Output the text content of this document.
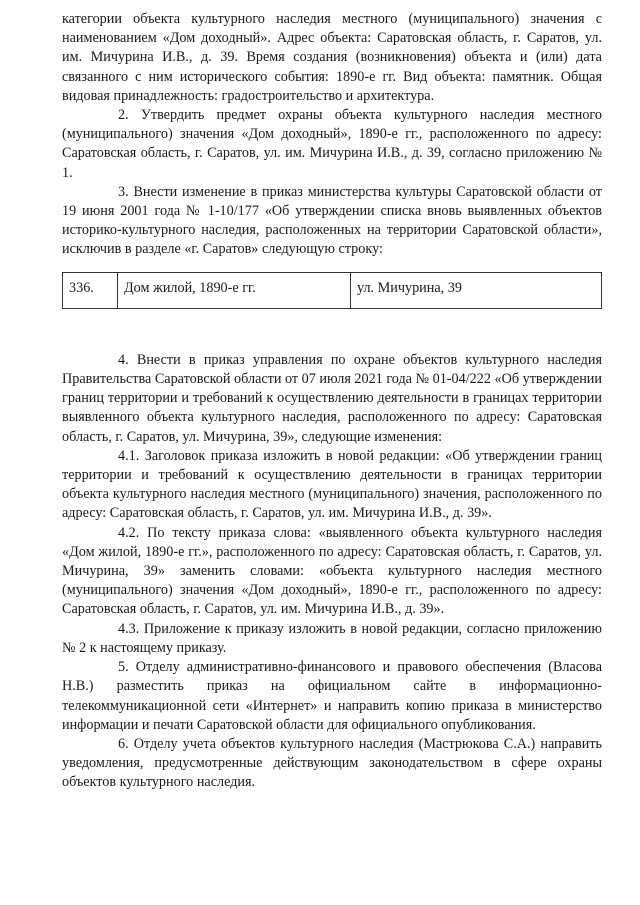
категории объекта культурного наследия местного (муниципального) значения с наименованием «Дом доходный». Адрес объекта: Саратовская область, г. Саратов, ул. им. Мичурина И.В., д. 39. Время создания (возникновения) объекта и (или) дата связанного с ним исторического события: 1890-е гг. Вид объекта: памятник. Общая видовая принадлежность: градостроительство и архитектура.

2. Утвердить предмет охраны объекта культурного наследия местного (муниципального) значения «Дом доходный», 1890-е гг., расположенного по адресу: Саратовская область, г. Саратов, ул. им. Мичурина И.В., д. 39, согласно приложению № 1.

3. Внести изменение в приказ министерства культуры Саратовской области от 19 июня 2001 года № 1-10/177 «Об утверждении списка вновь выявленных объектов историко-культурного наследия, расположенных на территории Саратовской области», исключив в разделе «г. Саратов» следующую строку:

336.	Дом жилой, 1890-е гг.	ул. Мичурина, 39

4. Внести в приказ управления по охране объектов культурного наследия Правительства Саратовской области от 07 июля 2021 года № 01-04/222 «Об утверждении границ территории и требований к осуществлению деятельности в границах территории выявленного объекта культурного наследия, расположенного по адресу: Саратовская область, г. Саратов, ул. Мичурина, 39», следующие изменения:

4.1. Заголовок приказа изложить в новой редакции: «Об утверждении границ территории и требований к осуществлению деятельности в границах территории объекта культурного наследия местного (муниципального) значения, расположенного по адресу: Саратовская область, г. Саратов, ул. им. Мичурина И.В., д. 39».

4.2. По тексту приказа слова: «выявленного объекта культурного наследия «Дом жилой, 1890-е гг.», расположенного по адресу: Саратовская область, г. Саратов, ул. Мичурина, 39» заменить словами: «объекта культурного наследия местного (муниципального) значения «Дом доходный», 1890-е гг., расположенного по адресу: Саратовская область, г. Саратов, ул. им. Мичурина И.В., д. 39».

4.3. Приложение к приказу изложить в новой редакции, согласно приложению № 2 к настоящему приказу.

5. Отделу административно-финансового и правового обеспечения (Власова Н.В.) разместить приказ на официальном сайте в информационно-телекоммуникационной сети «Интернет» и направить копию приказа в министерство информации и печати Саратовской области для официального опубликования.

6. Отделу учета объектов культурного наследия (Мастрюкова С.А.) направить уведомления, предусмотренные действующим законодательством в сфере охраны объектов культурного наследия.
